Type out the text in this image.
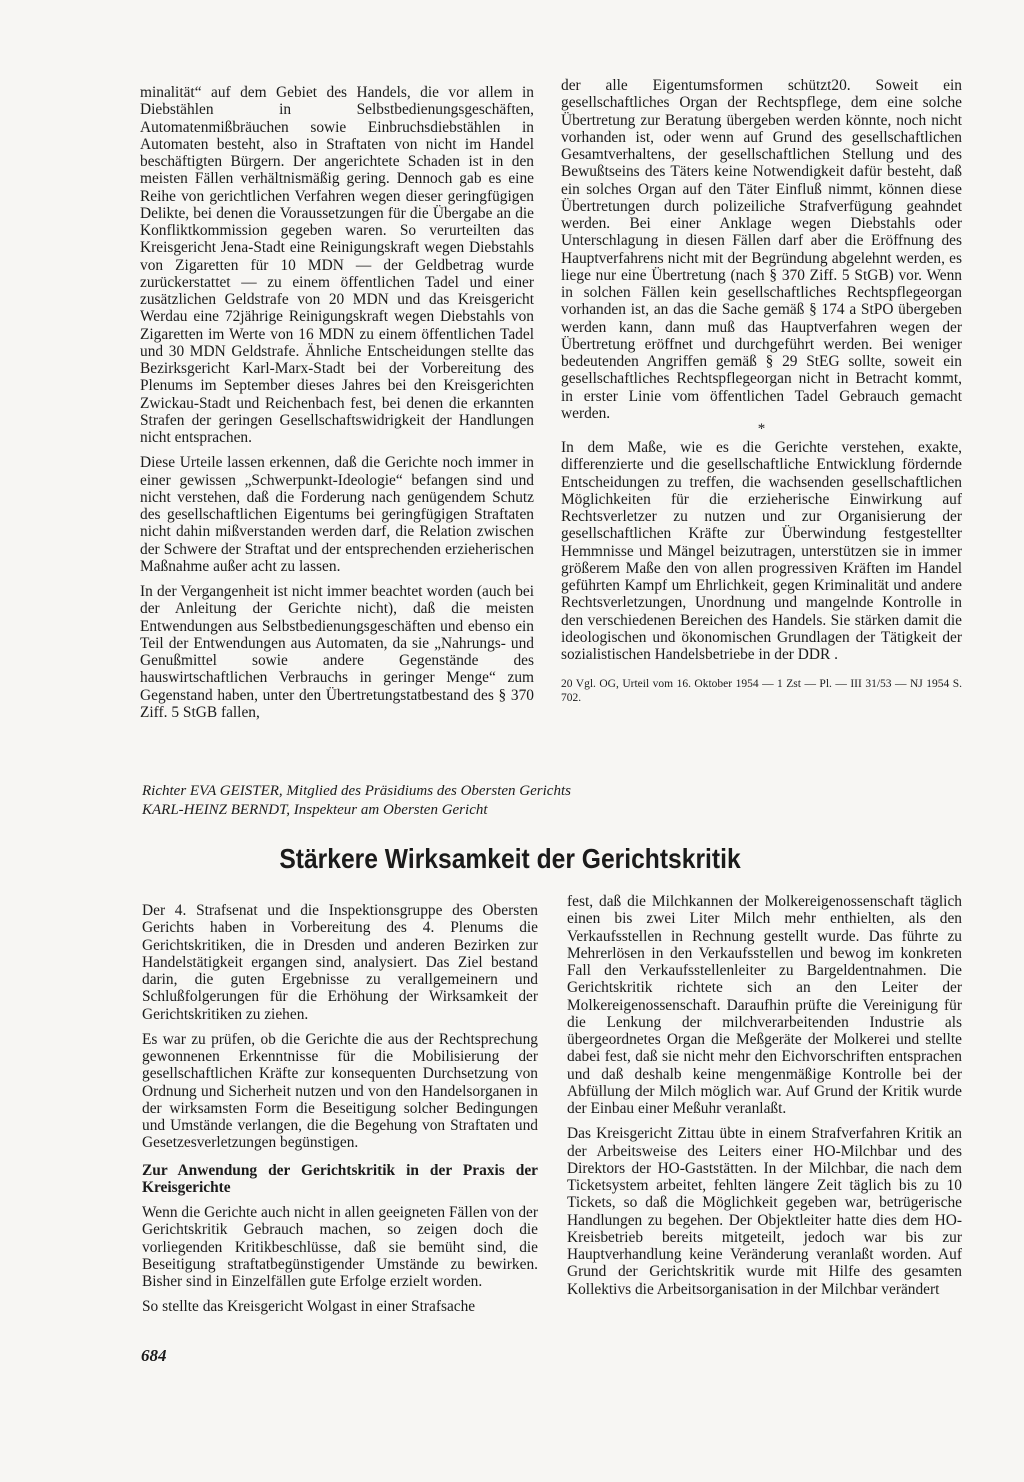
minalität“ auf dem Gebiet des Handels, die vor allem in Diebstählen in Selbstbedienungsgeschäften, Automatenmißbräuchen sowie Einbruchsdiebstählen in Automaten besteht, also in Straftaten von nicht im Handel beschäftigten Bürgern. Der angerichtete Schaden ist in den meisten Fällen verhältnismäßig gering. Dennoch gab es eine Reihe von gerichtlichen Verfahren wegen dieser geringfügigen Delikte, bei denen die Voraussetzungen für die Übergabe an die Konfliktkommission gegeben waren. So verurteilten das Kreisgericht Jena-Stadt eine Reinigungskraft wegen Diebstahls von Zigaretten für 10 MDN — der Geldbetrag wurde zurückerstattet — zu einem öffentlichen Tadel und einer zusätzlichen Geldstrafe von 20 MDN und das Kreisgericht Werdau eine 72jährige Reinigungskraft wegen Diebstahls von Zigaretten im Werte von 16 MDN zu einem öffentlichen Tadel und 30 MDN Geldstrafe. Ähnliche Entscheidungen stellte das Bezirksgericht Karl-Marx-Stadt bei der Vorbereitung des Plenums im September dieses Jahres bei den Kreisgerichten Zwickau-Stadt und Reichenbach fest, bei denen die erkannten Strafen der geringen Gesellschaftswidrigkeit der Handlungen nicht entsprachen.

Diese Urteile lassen erkennen, daß die Gerichte noch immer in einer gewissen „Schwerpunkt-Ideologie“ befangen sind und nicht verstehen, daß die Forderung nach genügendem Schutz des gesellschaftlichen Eigentums bei geringfügigen Straftaten nicht dahin mißverstanden werden darf, die Relation zwischen der Schwere der Straftat und der entsprechenden erzieherischen Maßnahme außer acht zu lassen.

In der Vergangenheit ist nicht immer beachtet worden (auch bei der Anleitung der Gerichte nicht), daß die meisten Entwendungen aus Selbstbedienungsgeschäften und ebenso ein Teil der Entwendungen aus Automaten, da sie „Nahrungs- und Genußmittel sowie andere Gegenstände des hauswirtschaftlichen Verbrauchs in geringer Menge“ zum Gegenstand haben, unter den Übertretungstatbestand des § 370 Ziff. 5 StGB fallen,

der alle Eigentumsformen schützt20. Soweit ein gesellschaftliches Organ der Rechtspflege, dem eine solche Übertretung zur Beratung übergeben werden könnte, noch nicht vorhanden ist, oder wenn auf Grund des gesellschaftlichen Gesamtverhaltens, der gesellschaftlichen Stellung und des Bewußtseins des Täters keine Notwendigkeit dafür besteht, daß ein solches Organ auf den Täter Einfluß nimmt, können diese Übertretungen durch polizeiliche Strafverfügung geahndet werden. Bei einer Anklage wegen Diebstahls oder Unterschlagung in diesen Fällen darf aber die Eröffnung des Hauptverfahrens nicht mit der Begründung abgelehnt werden, es liege nur eine Übertretung (nach § 370 Ziff. 5 StGB) vor. Wenn in solchen Fällen kein gesellschaftliches Rechtspflegeorgan vorhanden ist, an das die Sache gemäß § 174 a StPO übergeben werden kann, dann muß das Hauptverfahren wegen der Übertretung eröffnet und durchgeführt werden. Bei weniger bedeutenden Angriffen gemäß § 29 StEG sollte, soweit ein gesellschaftliches Rechtspflegeorgan nicht in Betracht kommt, in erster Linie vom öffentlichen Tadel Gebrauch gemacht werden.

*

In dem Maße, wie es die Gerichte verstehen, exakte, differenzierte und die gesellschaftliche Entwicklung fördernde Entscheidungen zu treffen, die wachsenden gesellschaftlichen Möglichkeiten für die erzieherische Einwirkung auf Rechtsverletzer zu nutzen und zur Organisierung der gesellschaftlichen Kräfte zur Überwindung festgestellter Hemmnisse und Mängel beizutragen, unterstützen sie in immer größerem Maße den von allen progressiven Kräften im Handel geführten Kampf um Ehrlichkeit, gegen Kriminalität und andere Rechtsverletzungen, Unordnung und mangelnde Kontrolle in den verschiedenen Bereichen des Handels. Sie stärken damit die ideologischen und ökonomischen Grundlagen der Tätigkeit der sozialistischen Handelsbetriebe in der DDR .

20 Vgl. OG, Urteil vom 16. Oktober 1954 — 1 Zst — Pl. — III 31/53 — NJ 1954 S. 702.

Richter EVA GEISTER, Mitglied des Präsidiums des Obersten Gerichts
KARL-HEINZ BERNDT, Inspekteur am Obersten Gericht
Stärkere Wirksamkeit der Gerichtskritik

Der 4. Strafsenat und die Inspektionsgruppe des Obersten Gerichts haben in Vorbereitung des 4. Plenums die Gerichtskritiken, die in Dresden und anderen Bezirken zur Handelstätigkeit ergangen sind, analysiert. Das Ziel bestand darin, die guten Ergebnisse zu verallgemeinern und Schlußfolgerungen für die Erhöhung der Wirksamkeit der Gerichtskritiken zu ziehen.

Es war zu prüfen, ob die Gerichte die aus der Rechtsprechung gewonnenen Erkenntnisse für die Mobilisierung der gesellschaftlichen Kräfte zur konsequenten Durchsetzung von Ordnung und Sicherheit nutzen und von den Handelsorganen in der wirksamsten Form die Beseitigung solcher Bedingungen und Umstände verlangen, die die Begehung von Straftaten und Gesetzesverletzungen begünstigen.

Zur Anwendung der Gerichtskritik in der Praxis der Kreisgerichte

Wenn die Gerichte auch nicht in allen geeigneten Fällen von der Gerichtskritik Gebrauch machen, so zeigen doch die vorliegenden Kritikbeschlüsse, daß sie bemüht sind, die Beseitigung straftatbegünstigender Umstände zu bewirken. Bisher sind in Einzelfällen gute Erfolge erzielt worden.

So stellte das Kreisgericht Wolgast in einer Strafsache

fest, daß die Milchkannen der Molkereigenossenschaft täglich einen bis zwei Liter Milch mehr enthielten, als den Verkaufsstellen in Rechnung gestellt wurde. Das führte zu Mehrerlösen in den Verkaufsstellen und bewog im konkreten Fall den Verkaufsstellenleiter zu Bargeldentnahmen. Die Gerichtskritik richtete sich an den Leiter der Molkereigenossenschaft. Daraufhin prüfte die Vereinigung für die Lenkung der milchverarbeitenden Industrie als übergeordnetes Organ die Meßgeräte der Molkerei und stellte dabei fest, daß sie nicht mehr den Eichvorschriften entsprachen und daß deshalb keine mengenmäßige Kontrolle bei der Abfüllung der Milch möglich war. Auf Grund der Kritik wurde der Einbau einer Meßuhr veranlaßt.

Das Kreisgericht Zittau übte in einem Strafverfahren Kritik an der Arbeitsweise des Leiters einer HO-Milchbar und des Direktors der HO-Gaststätten. In der Milchbar, die nach dem Ticketsystem arbeitet, fehlten längere Zeit täglich bis zu 10 Tickets, so daß die Möglichkeit gegeben war, betrügerische Handlungen zu begehen. Der Objektleiter hatte dies dem HO-Kreisbetrieb bereits mitgeteilt, jedoch war bis zur Hauptverhandlung keine Veränderung veranlaßt worden. Auf Grund der Gerichtskritik wurde mit Hilfe des gesamten Kollektivs die Arbeitsorganisation in der Milchbar verändert

684
